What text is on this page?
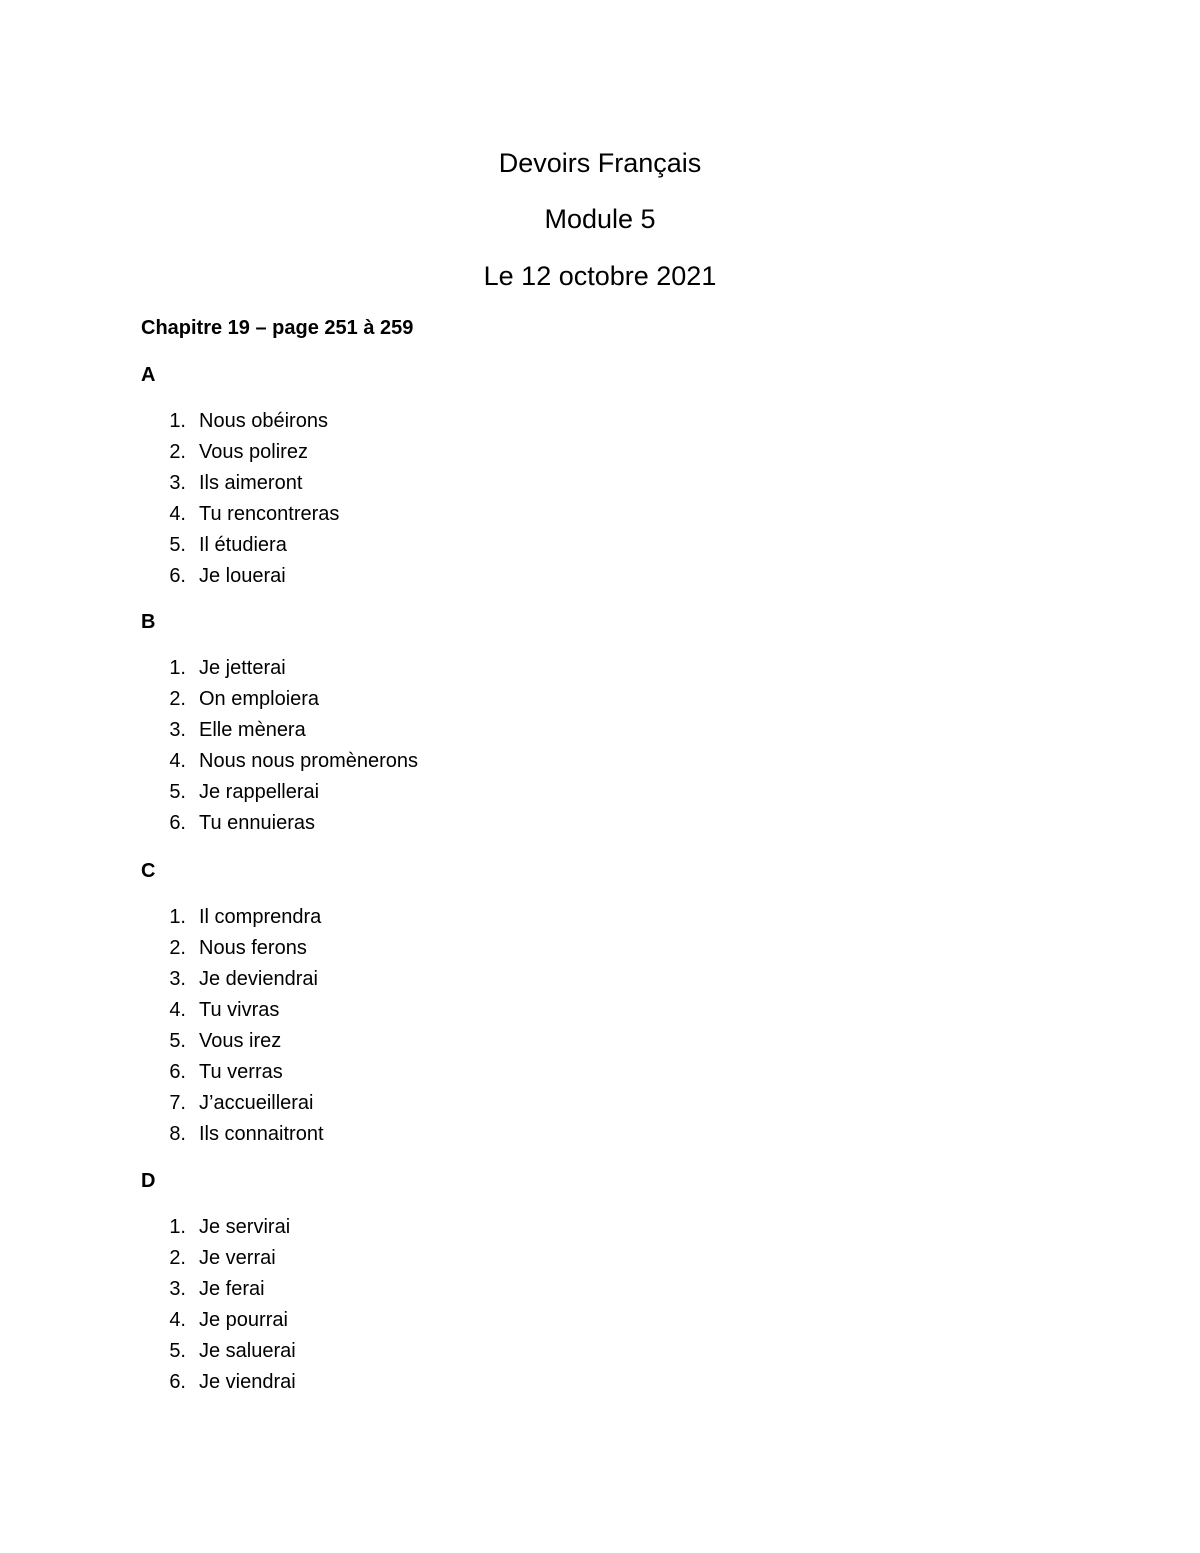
Devoirs Français
Module 5
Le 12 octobre 2021
Chapitre 19 – page 251 à 259
A
1. Nous obéirons
2. Vous polirez
3. Ils aimeront
4. Tu rencontreras
5. Il étudiera
6. Je louerai
B
1. Je jetterai
2. On emploiera
3. Elle mènera
4. Nous nous promènerons
5. Je rappellerai
6. Tu ennuieras
C
1. Il comprendra
2. Nous ferons
3. Je deviendrai
4. Tu vivras
5. Vous irez
6. Tu verras
7. J’accueillerai
8. Ils connaitront
D
1. Je servirai
2. Je verrai
3. Je ferai
4. Je pourrai
5. Je saluerai
6. Je viendrai
